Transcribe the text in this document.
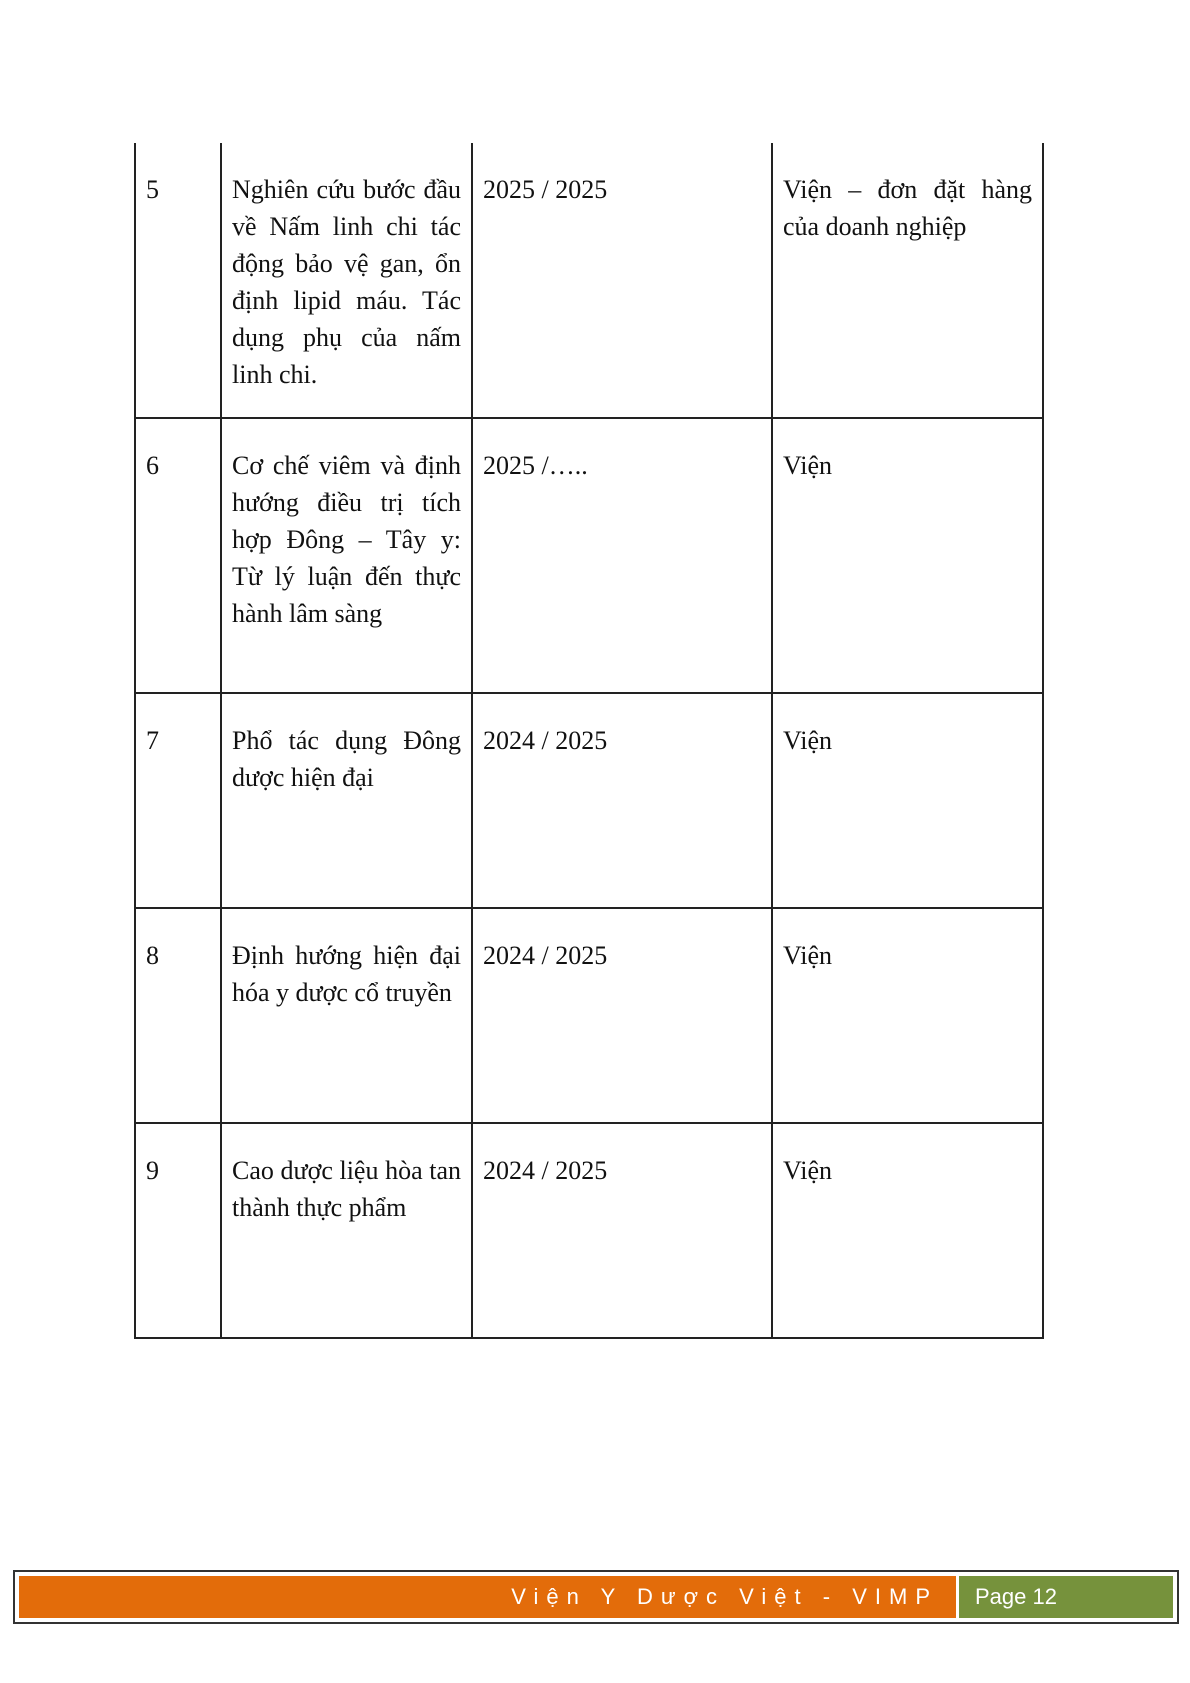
5	Nghiên cứu bước đầu về Nấm linh chi tác động bảo vệ gan, ổn định lipid máu. Tác dụng phụ của nấm linh chi.	2025 / 2025	Viện – đơn đặt hàng của doanh nghiệp

6	Cơ chế viêm và định hướng điều trị tích hợp Đông – Tây y: Từ lý luận đến thực hành lâm sàng	2025 /…..	Viện

7	Phổ tác dụng Đông dược hiện đại	2024 / 2025	Viện

8	Định hướng hiện đại hóa y dược cổ truyền	2024 / 2025	Viện

9	Cao dược liệu hòa tan thành thực phẩm	2024 / 2025	Viện
Viện Y Dược Việt - VIMP Page 12
